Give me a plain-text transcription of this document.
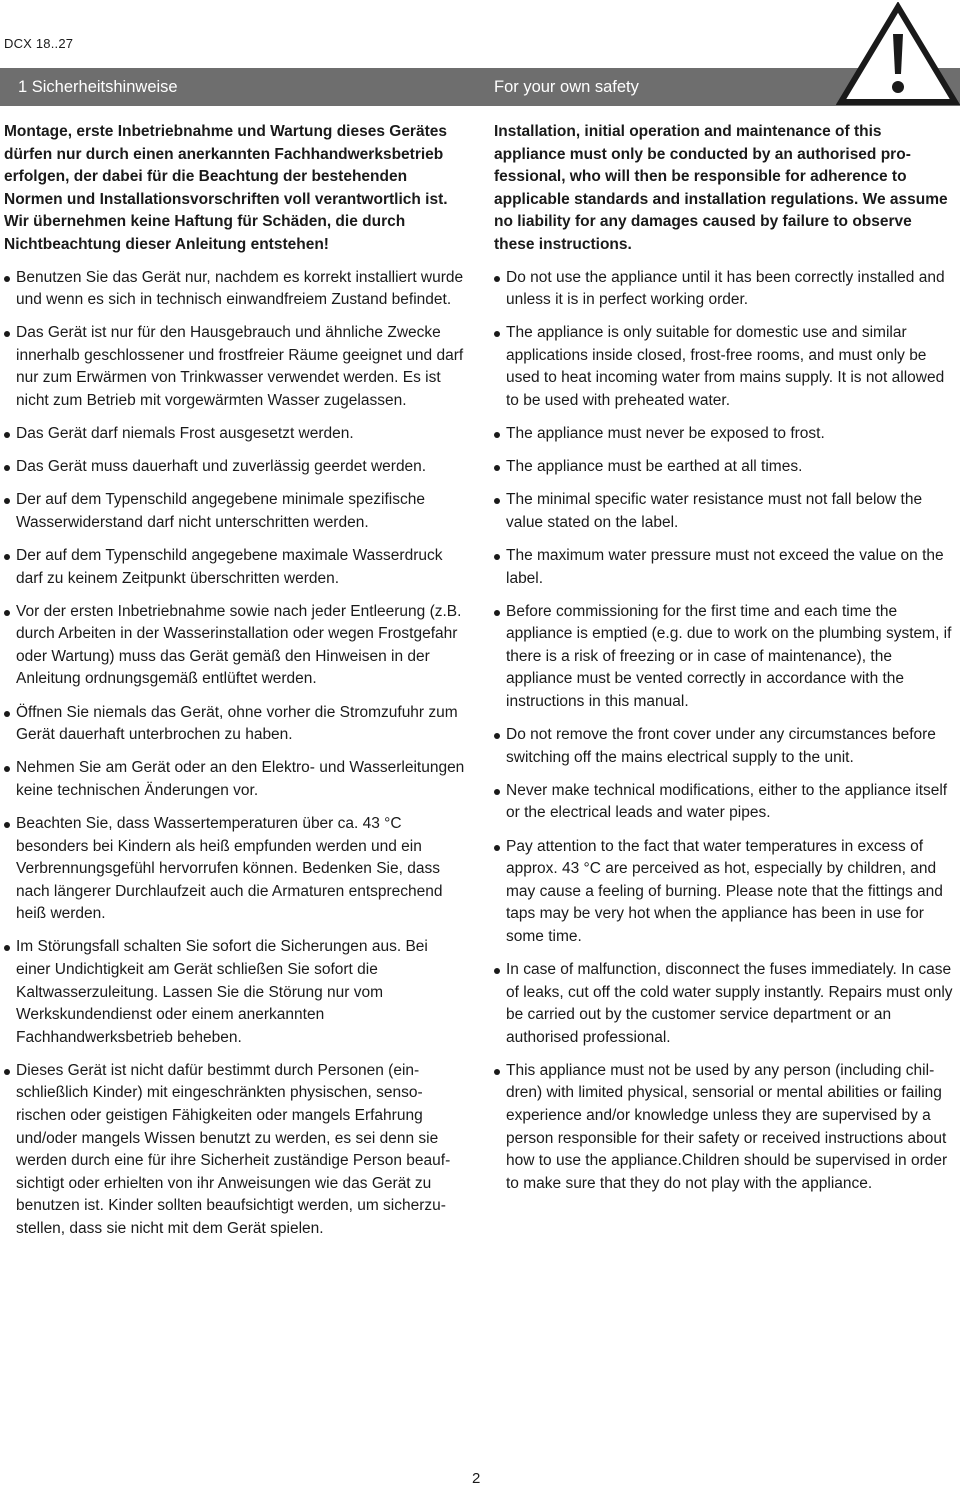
DCX 18..27
1 Sicherheitshinweise	For your own safety

Montage, erste Inbetriebnahme und Wartung dieses Gerätes dürfen nur durch einen anerkannten Fachhandwerksbetrieb erfolgen, der dabei für die Beachtung der bestehenden Normen und Installationsvorschriften voll verantwortlich ist. Wir übernehmen keine Haftung für Schäden, die durch Nichtbeachtung dieser Anleitung entstehen!

Benutzen Sie das Gerät nur, nachdem es korrekt installiert wurde und wenn es sich in technisch einwandfreiem Zustand befindet.
Das Gerät ist nur für den Hausgebrauch und ähnliche Zwecke innerhalb geschlossener und frostfreier Räume geeignet und darf nur zum Erwärmen von Trinkwasser verwendet werden. Es ist nicht zum Betrieb mit vorgewärmten Wasser zugelassen.
Das Gerät darf niemals Frost ausgesetzt werden.
Das Gerät muss dauerhaft und zuverlässig geerdet werden.
Der auf dem Typenschild angegebene minimale spezifische Wasserwiderstand darf nicht unterschritten werden.
Der auf dem Typenschild angegebene maximale Wasserdruck darf zu keinem Zeitpunkt überschritten werden.
Vor der ersten Inbetriebnahme sowie nach jeder Entleerung (z.B. durch Arbeiten in der Wasserinstallation oder wegen Frostgefahr oder Wartung) muss das Gerät gemäß den Hinweisen in der Anleitung ordnungsgemäß entlüftet werden.
Öffnen Sie niemals das Gerät, ohne vorher die Stromzufuhr zum Gerät dauerhaft unterbrochen zu haben.
Nehmen Sie am Gerät oder an den Elektro- und Wasserleitungen keine technischen Änderungen vor.
Beachten Sie, dass Wassertemperaturen über ca. 43 °C besonders bei Kindern als heiß empfunden werden und ein Verbrennungsgefühl hervorrufen können. Bedenken Sie, dass nach längerer Durchlaufzeit auch die Armaturen entsprechend heiß werden.
Im Störungsfall schalten Sie sofort die Sicherungen aus. Bei einer Undichtigkeit am Gerät schließen Sie sofort die Kaltwasserzuleitung. Lassen Sie die Störung nur vom Werkskundendienst oder einem anerkannten Fachhandwerksbetrieb beheben.
Dieses Gerät ist nicht dafür bestimmt durch Personen (einschließlich Kinder) mit eingeschränkten physischen, sensorischen oder geistigen Fähigkeiten oder mangels Erfahrung und/oder mangels Wissen benutzt zu werden, es sei denn sie werden durch eine für ihre Sicherheit zuständige Person beaufsichtigt oder erhielten von ihr Anweisungen wie das Gerät zu benutzen ist. Kinder sollten beaufsichtigt werden, um sicherzustellen, dass sie nicht mit dem Gerät spielen.

Installation, initial operation and maintenance of this appliance must only be conducted by an authorised professional, who will then be responsible for adherence to applicable standards and installation regulations. We assume no liability for any damages caused by failure to observe these instructions.

Do not use the appliance until it has been correctly installed and unless it is in perfect working order.
The appliance is only suitable for domestic use and similar applications inside closed, frost-free rooms, and must only be used to heat incoming water from mains supply. It is not allowed to be used with preheated water.
The appliance must never be exposed to frost.
The appliance must be earthed at all times.
The minimal specific water resistance must not fall below the value stated on the label.
The maximum water pressure must not exceed the value on the label.
Before commissioning for the first time and each time the appliance is emptied (e.g. due to work on the plumbing system, if there is a risk of freezing or in case of maintenance), the appliance must be vented correctly in accordance with the instructions in this manual.
Do not remove the front cover under any circumstances before switching off the mains electrical supply to the unit.
Never make technical modifications, either to the appliance itself or the electrical leads and water pipes.
Pay attention to the fact that water temperatures in excess of approx. 43 °C are perceived as hot, especially by children, and may cause a feeling of burning. Please note that the fittings and taps may be very hot when the appliance has been in use for some time.
In case of malfunction, disconnect the fuses immediately. In case of leaks, cut off the cold water supply instantly. Repairs must only be carried out by the customer service department or an authorised professional.
This appliance must not be used by any person (including children) with limited physical, sensorial or mental abilities or failing experience and/or knowledge unless they are supervised by a person responsible for their safety or received instructions about how to use the appliance.Children should be supervised in order to make sure that they do not play with the appliance.
2
